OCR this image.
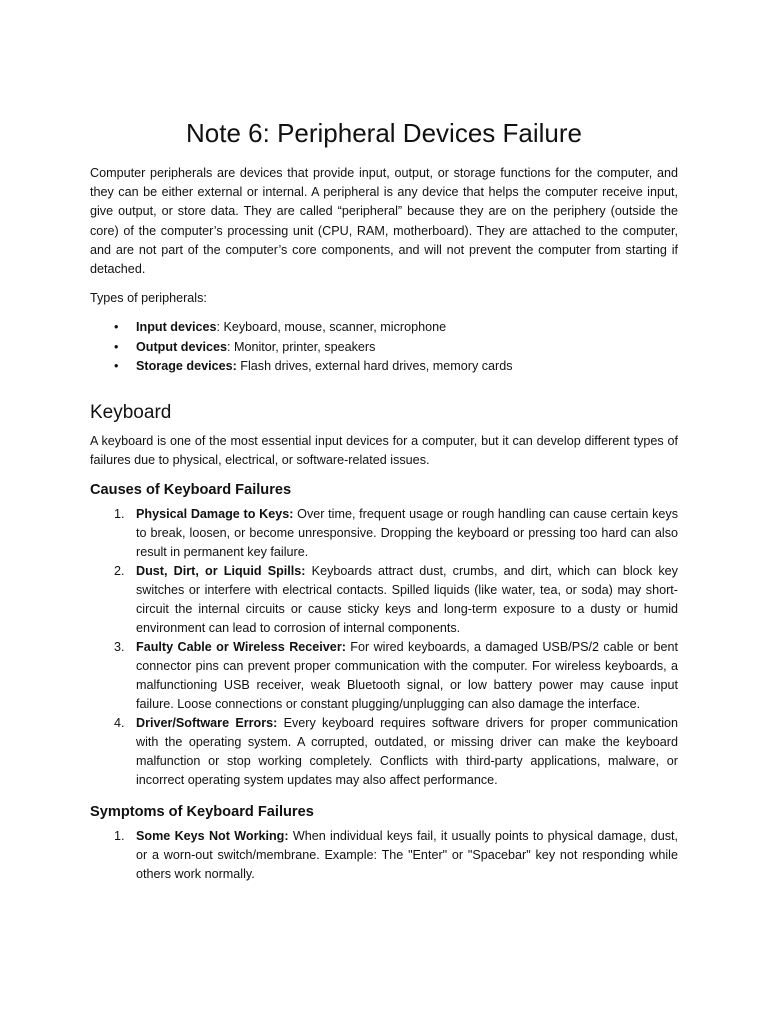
Note 6: Peripheral Devices Failure

Computer peripherals are devices that provide input, output, or storage functions for the computer, and they can be either external or internal. A peripheral is any device that helps the computer receive input, give output, or store data. They are called “peripheral” because they are on the periphery (outside the core) of the computer’s processing unit (CPU, RAM, motherboard). They are attached to the computer, and are not part of the computer’s core components, and will not prevent the computer from starting if detached.

Types of peripherals:

• Input devices: Keyboard, mouse, scanner, microphone
• Output devices: Monitor, printer, speakers
• Storage devices: Flash drives, external hard drives, memory cards
Keyboard

A keyboard is one of the most essential input devices for a computer, but it can develop different types of failures due to physical, electrical, or software-related issues.

Causes of Keyboard Failures
1. Physical Damage to Keys: Over time, frequent usage or rough handling can cause certain keys to break, loosen, or become unresponsive. Dropping the keyboard or pressing too hard can also result in permanent key failure.
2. Dust, Dirt, or Liquid Spills: Keyboards attract dust, crumbs, and dirt, which can block key switches or interfere with electrical contacts. Spilled liquids (like water, tea, or soda) may short-circuit the internal circuits or cause sticky keys and long-term exposure to a dusty or humid environment can lead to corrosion of internal components.
3. Faulty Cable or Wireless Receiver: For wired keyboards, a damaged USB/PS/2 cable or bent connector pins can prevent proper communication with the computer. For wireless keyboards, a malfunctioning USB receiver, weak Bluetooth signal, or low battery power may cause input failure. Loose connections or constant plugging/unplugging can also damage the interface.
4. Driver/Software Errors: Every keyboard requires software drivers for proper communication with the operating system. A corrupted, outdated, or missing driver can make the keyboard malfunction or stop working completely. Conflicts with third-party applications, malware, or incorrect operating system updates may also affect performance.
Symptoms of Keyboard Failures
1. Some Keys Not Working: When individual keys fail, it usually points to physical damage, dust, or a worn-out switch/membrane. Example: The "Enter" or "Spacebar" key not responding while others work normally.
